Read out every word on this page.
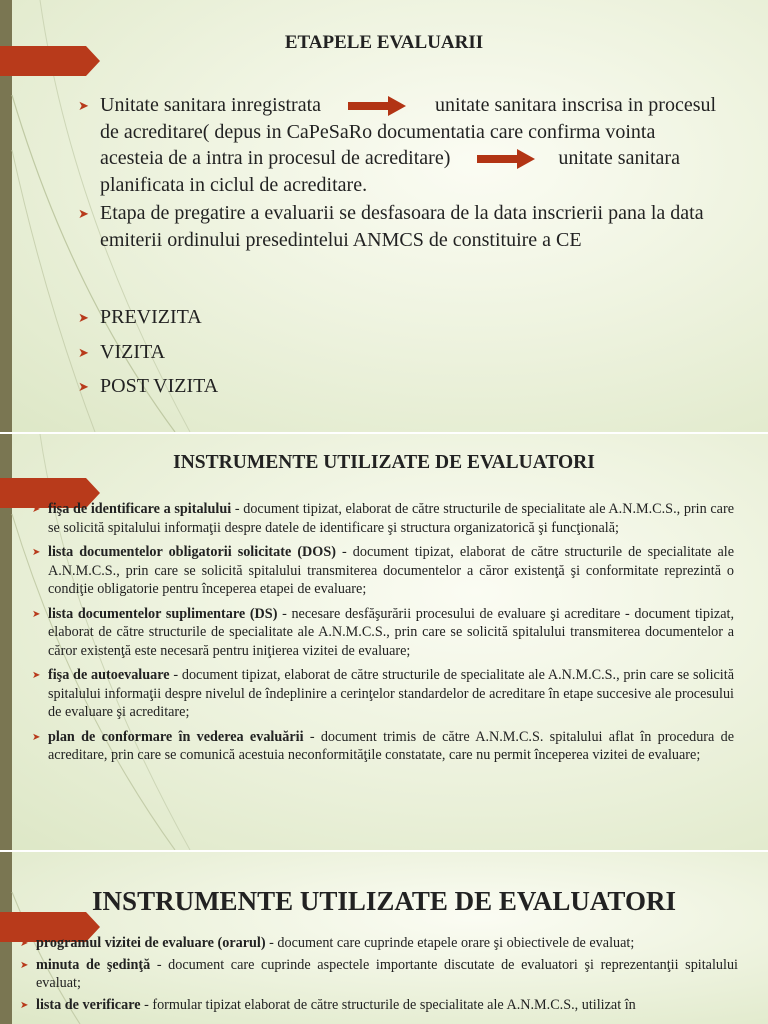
ETAPELE EVALUARII
➤ Unitate sanitara inregistrata	unitate sanitara inscrisa in procesul de acreditare( depus in CaPeSaRo documentatia care confirma vointa acesteia de a intra in procesul de acreditare)	unitate sanitara planificata in ciclul de acreditare.
➤ Etapa de pregatire a evaluarii se desfasoara de la data inscrierii pana la data emiterii ordinului presedintelui ANMCS de constituire a CE
➤ PREVIZITA
➤ VIZITA
➤ POST VIZITA
INSTRUMENTE UTILIZATE DE EVALUATORI
➤ fişa de identificare a spitalului - document tipizat, elaborat de către structurile de specialitate ale A.N.M.C.S., prin care se solicită spitalului informaţii despre datele de identificare şi structura organizatorică şi funcţională;
➤ lista documentelor obligatorii solicitate (DOS) - document tipizat, elaborat de către structurile de specialitate ale A.N.M.C.S., prin care se solicită spitalului transmiterea documentelor a căror existenţă şi conformitate reprezintă o condiţie obligatorie pentru începerea etapei de evaluare;
➤ lista documentelor suplimentare (DS) - necesare desfăşurării procesului de evaluare şi acreditare - document tipizat, elaborat de către structurile de specialitate ale A.N.M.C.S., prin care se solicită spitalului transmiterea documentelor a căror existenţă este necesară pentru iniţierea vizitei de evaluare;
➤ fişa de autoevaluare - document tipizat, elaborat de către structurile de specialitate ale A.N.M.C.S., prin care se solicită spitalului informaţii despre nivelul de îndeplinire a cerinţelor standardelor de acreditare în etape succesive ale procesului de evaluare şi acreditare;
➤ plan de conformare în vederea evaluării - document trimis de către A.N.M.C.S. spitalului aflat în procedura de acreditare, prin care se comunică acestuia neconformităţile constatate, care nu permit începerea vizitei de evaluare;
INSTRUMENTE UTILIZATE DE EVALUATORI
➤ programul vizitei de evaluare (orarul) - document care cuprinde etapele orare şi obiectivele de evaluat;
➤ minuta de şedinţă - document care cuprinde aspectele importante discutate de evaluatori şi reprezentanţii spitalului evaluat;
➤ lista de verificare - formular tipizat elaborat de către structurile de specialitate ale A.N.M.C.S., utilizat în
